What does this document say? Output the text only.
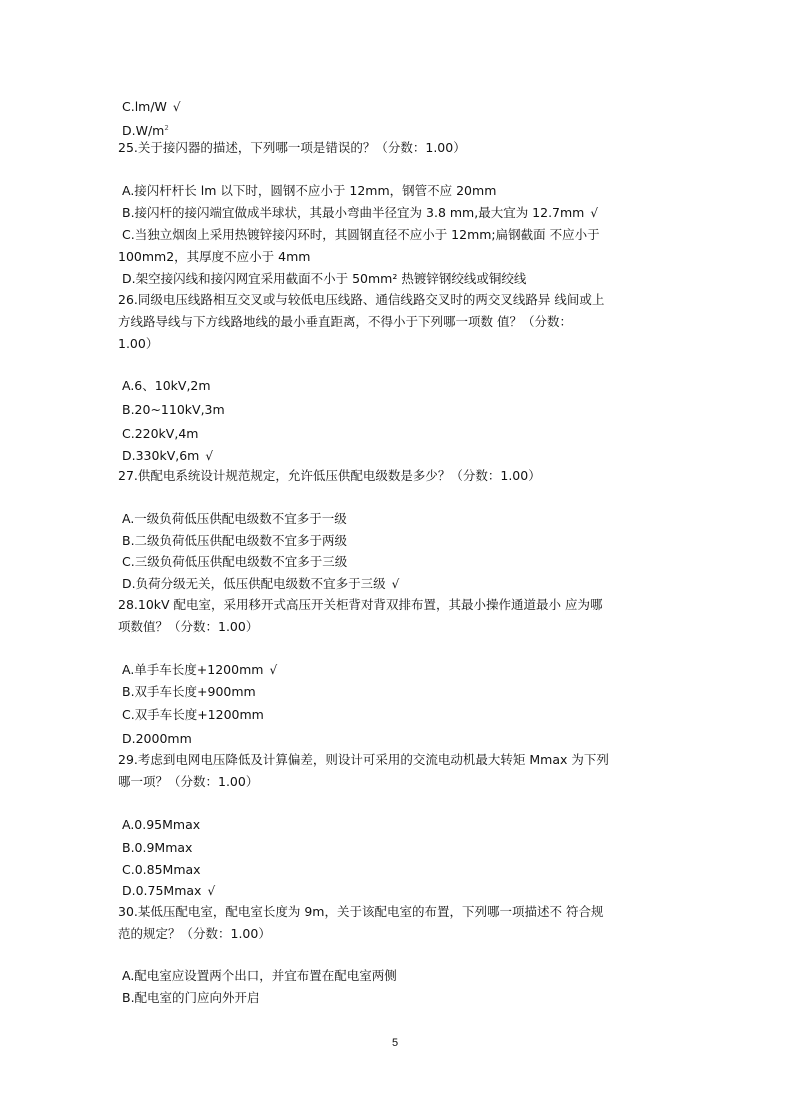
C.lm/W √
$D.W/m^2$
25.关于接闪器的描述，下列哪一项是错误的？（分数：1.00）
A.接闪杆杆长 lm 以下时，圆钢不应小于 12mm，钢管不应 20mm
B.接闪杆的接闪端宜做成半球状，其最小弯曲半径宜为 3.8 mm,最大宜为 12.7mm √
C.当独立烟囱上采用热镀锌接闪环时，其圆钢直径不应小于 12mm;扁钢截面 不应小于
100mm2，其厚度不应小于 4mm
D.架空接闪线和接闪网宜采用截面不小于 50mm² 热镀锌钢绞线或铜绞线
26.同级电压线路相互交叉或与较低电压线路、通信线路交叉时的两交叉线路异 线间或上
方线路导线与下方线路地线的最小垂直距离，不得小于下列哪一项数 值？（分数：
1.00）
A.6、10kV,2m
B.20~110kV,3m
C.220kV,4m
D.330kV,6m √
27.供配电系统设计规范规定，允许低压供配电级数是多少？（分数：1.00）
A.一级负荷低压供配电级数不宜多于一级
B.二级负荷低压供配电级数不宜多于两级
C.三级负荷低压供配电级数不宜多于三级
D.负荷分级无关，低压供配电级数不宜多于三级 √
28.10kV 配电室，采用移开式高压开关柜背对背双排布置，其最小操作通道最小 应为哪
项数值？（分数：1.00）
A.单手车长度+1200mm √
B.双手车长度+900mm
C.双手车长度+1200mm
D.2000mm
29.考虑到电网电压降低及计算偏差，则设计可采用的交流电动机最大转矩 Mmax 为下列
哪一项？（分数：1.00）
A.0.95Mmax
B.0.9Mmax
C.0.85Mmax
D.0.75Mmax √
30.某低压配电室，配电室长度为 9m，关于该配电室的布置，下列哪一项描述不 符合规
范的规定？（分数：1.00）
A.配电室应设置两个出口，并宜布置在配电室两侧
B.配电室的门应向外开启
5
